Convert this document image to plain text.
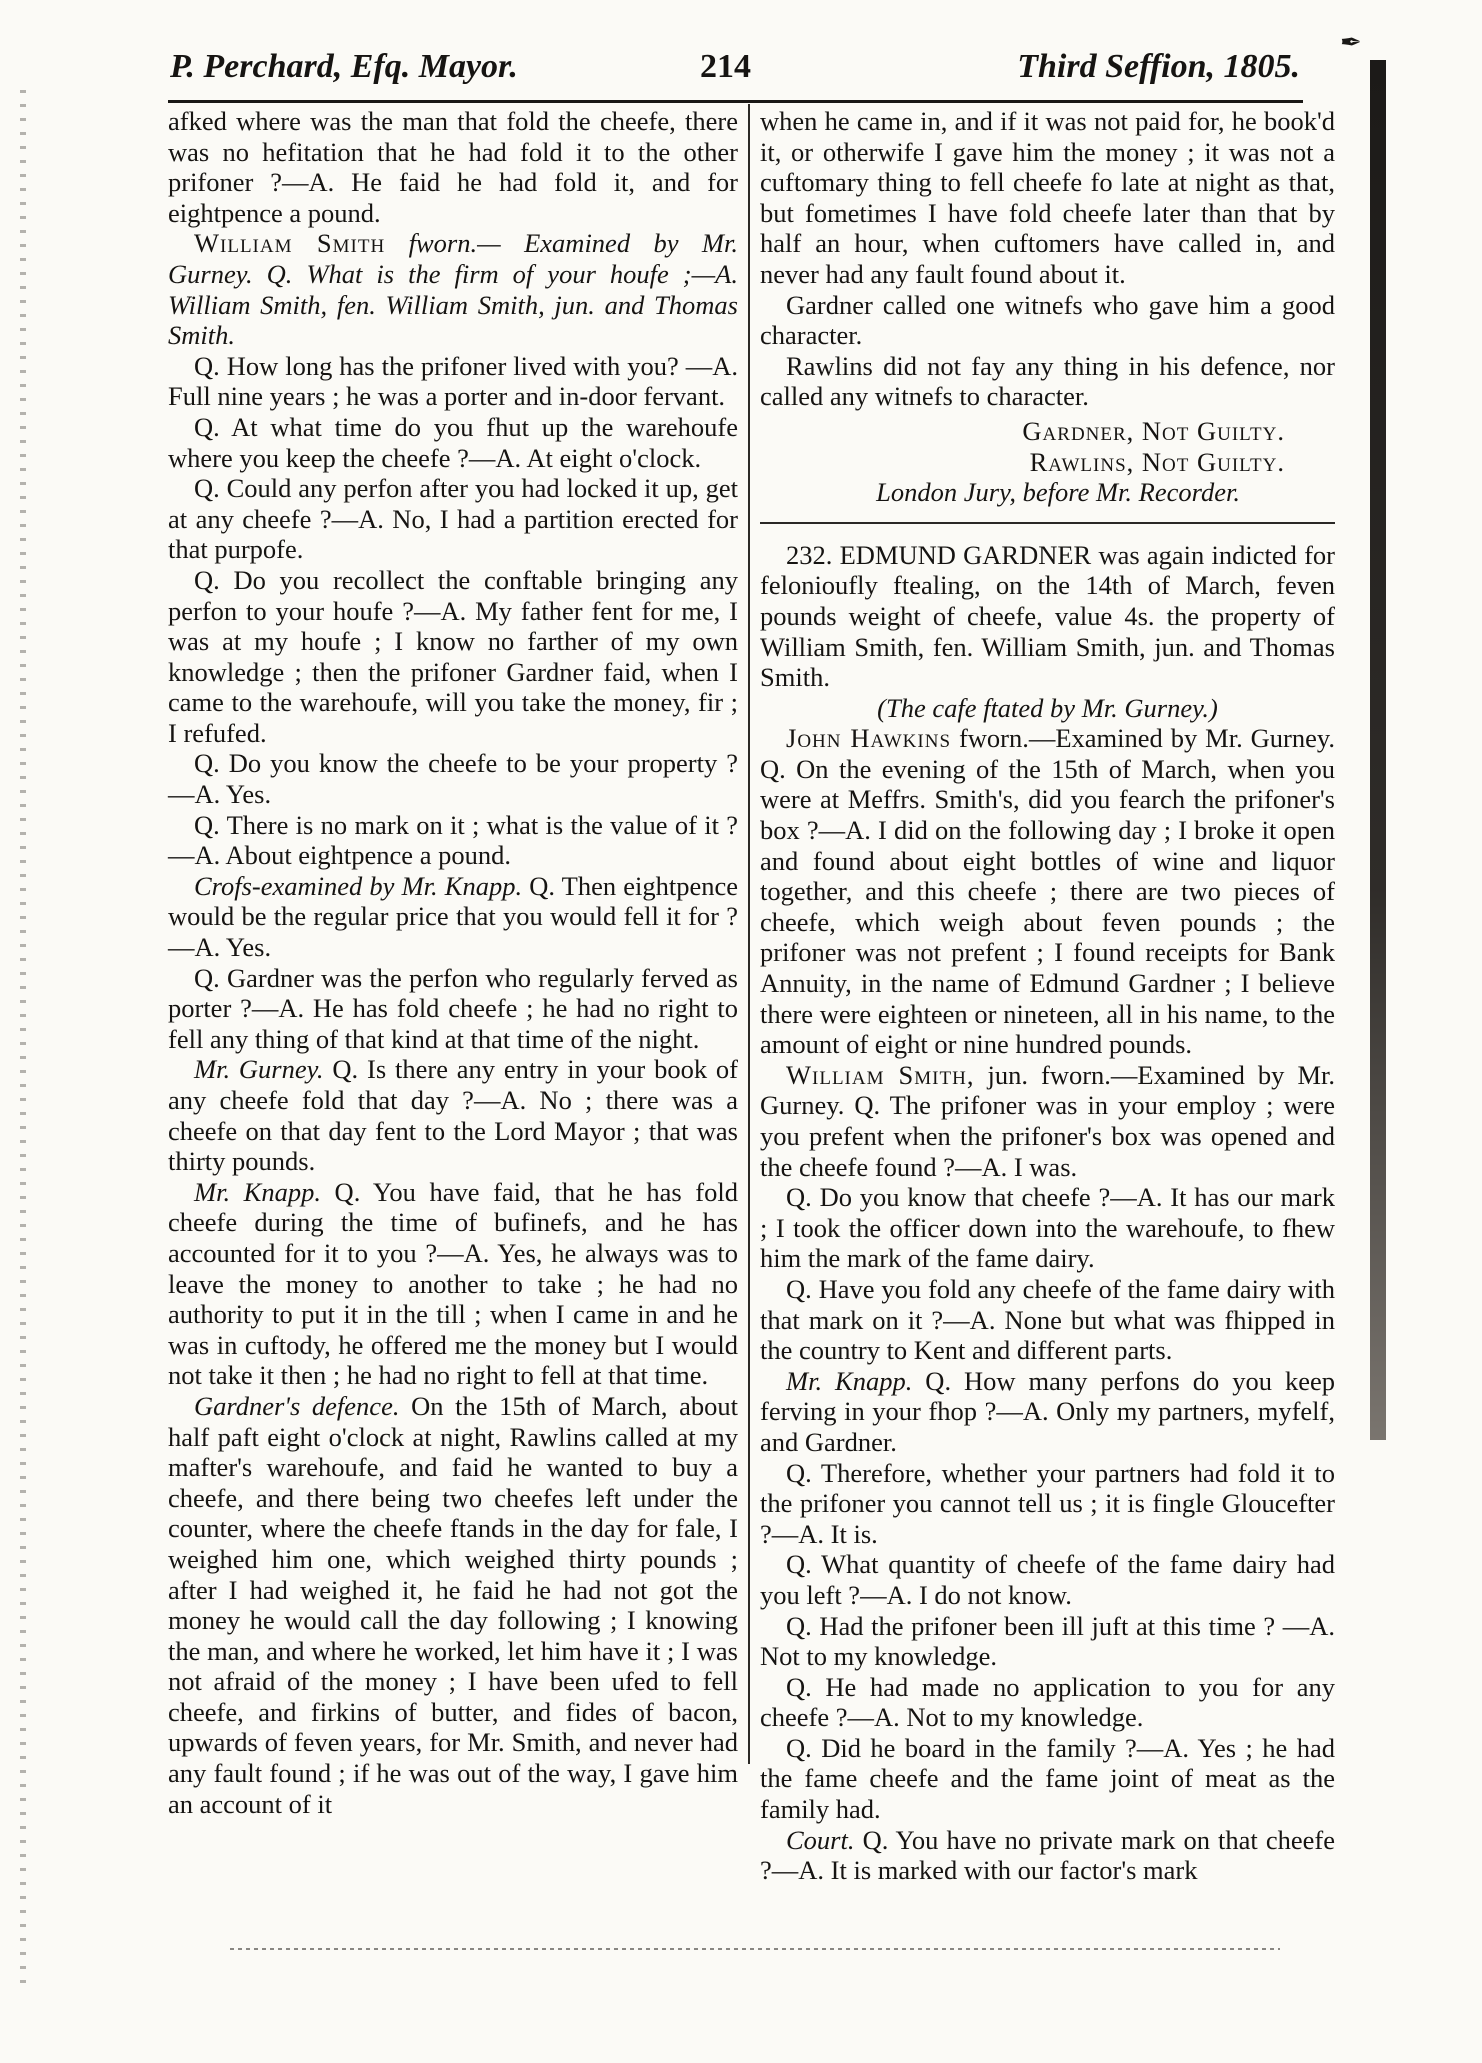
P. Perchard, Efq. Mayor.	214	Third Seffion, 1805.
✒

afked where was the man that fold the cheefe, there was no hefitation that he had fold it to the other prifoner ?—A. He faid he had fold it, and for eightpence a pound.

William Smith fworn.— Examined by Mr. Gurney. Q. What is the firm of your houfe ;—A. William Smith, fen. William Smith, jun. and Thomas Smith.

Q. How long has the prifoner lived with you? —A. Full nine years ; he was a porter and in-door fervant.

Q. At what time do you fhut up the warehoufe where you keep the cheefe ?—A. At eight o'clock.

Q. Could any perfon after you had locked it up, get at any cheefe ?—A. No, I had a partition erected for that purpofe.

Q. Do you recollect the conftable bringing any perfon to your houfe ?—A. My father fent for me, I was at my houfe ; I know no farther of my own knowledge ; then the prifoner Gardner faid, when I came to the warehoufe, will you take the money, fir ; I refufed.

Q. Do you know the cheefe to be your property ?—A. Yes.

Q. There is no mark on it ; what is the value of it ?—A. About eightpence a pound.

Crofs-examined by Mr. Knapp. Q. Then eightpence would be the regular price that you would fell it for ?—A. Yes.

Q. Gardner was the perfon who regularly ferved as porter ?—A. He has fold cheefe ; he had no right to fell any thing of that kind at that time of the night.

Mr. Gurney. Q. Is there any entry in your book of any cheefe fold that day ?—A. No ; there was a cheefe on that day fent to the Lord Mayor ; that was thirty pounds.

Mr. Knapp. Q. You have faid, that he has fold cheefe during the time of bufinefs, and he has accounted for it to you ?—A. Yes, he always was to leave the money to another to take ; he had no authority to put it in the till ; when I came in and he was in cuftody, he offered me the money but I would not take it then ; he had no right to fell at that time.

Gardner's defence. On the 15th of March, about half paft eight o'clock at night, Rawlins called at my mafter's warehoufe, and faid he wanted to buy a cheefe, and there being two cheefes left under the counter, where the cheefe ftands in the day for fale, I weighed him one, which weighed thirty pounds ; after I had weighed it, he faid he had not got the money he would call the day following ; I knowing the man, and where he worked, let him have it ; I was not afraid of the money ; I have been ufed to fell cheefe, and firkins of butter, and fides of bacon, upwards of feven years, for Mr. Smith, and never had any fault found ; if he was out of the way, I gave him an account of it

when he came in, and if it was not paid for, he book'd it, or otherwife I gave him the money ; it was not a cuftomary thing to fell cheefe fo late at night as that, but fometimes I have fold cheefe later than that by half an hour, when cuftomers have called in, and never had any fault found about it.

Gardner called one witnefs who gave him a good character.

Rawlins did not fay any thing in his defence, nor called any witnefs to character.

Gardner, Not Guilty.
Rawlins, Not Guilty.
London Jury, before Mr. Recorder.

232. EDMUND GARDNER was again indicted for felonioufly ftealing, on the 14th of March, feven pounds weight of cheefe, value 4s. the property of William Smith, fen. William Smith, jun. and Thomas Smith.

(The cafe ftated by Mr. Gurney.)

John Hawkins fworn.—Examined by Mr. Gurney. Q. On the evening of the 15th of March, when you were at Meffrs. Smith's, did you fearch the prifoner's box ?—A. I did on the following day ; I broke it open and found about eight bottles of wine and liquor together, and this cheefe ; there are two pieces of cheefe, which weigh about feven pounds ; the prifoner was not prefent ; I found receipts for Bank Annuity, in the name of Edmund Gardner ; I believe there were eighteen or nineteen, all in his name, to the amount of eight or nine hundred pounds.

William Smith, jun. fworn.—Examined by Mr. Gurney. Q. The prifoner was in your employ ; were you prefent when the prifoner's box was opened and the cheefe found ?—A. I was.

Q. Do you know that cheefe ?—A. It has our mark ; I took the officer down into the warehoufe, to fhew him the mark of the fame dairy.

Q. Have you fold any cheefe of the fame dairy with that mark on it ?—A. None but what was fhipped in the country to Kent and different parts.

Mr. Knapp. Q. How many perfons do you keep ferving in your fhop ?—A. Only my partners, myfelf, and Gardner.

Q. Therefore, whether your partners had fold it to the prifoner you cannot tell us ; it is fingle Gloucefter ?—A. It is.

Q. What quantity of cheefe of the fame dairy had you left ?—A. I do not know.

Q. Had the prifoner been ill juft at this time ? —A. Not to my knowledge.

Q. He had made no application to you for any cheefe ?—A. Not to my knowledge.

Q. Did he board in the family ?—A. Yes ; he had the fame cheefe and the fame joint of meat as the family had.

Court. Q. You have no private mark on that cheefe ?—A. It is marked with our factor's mark
